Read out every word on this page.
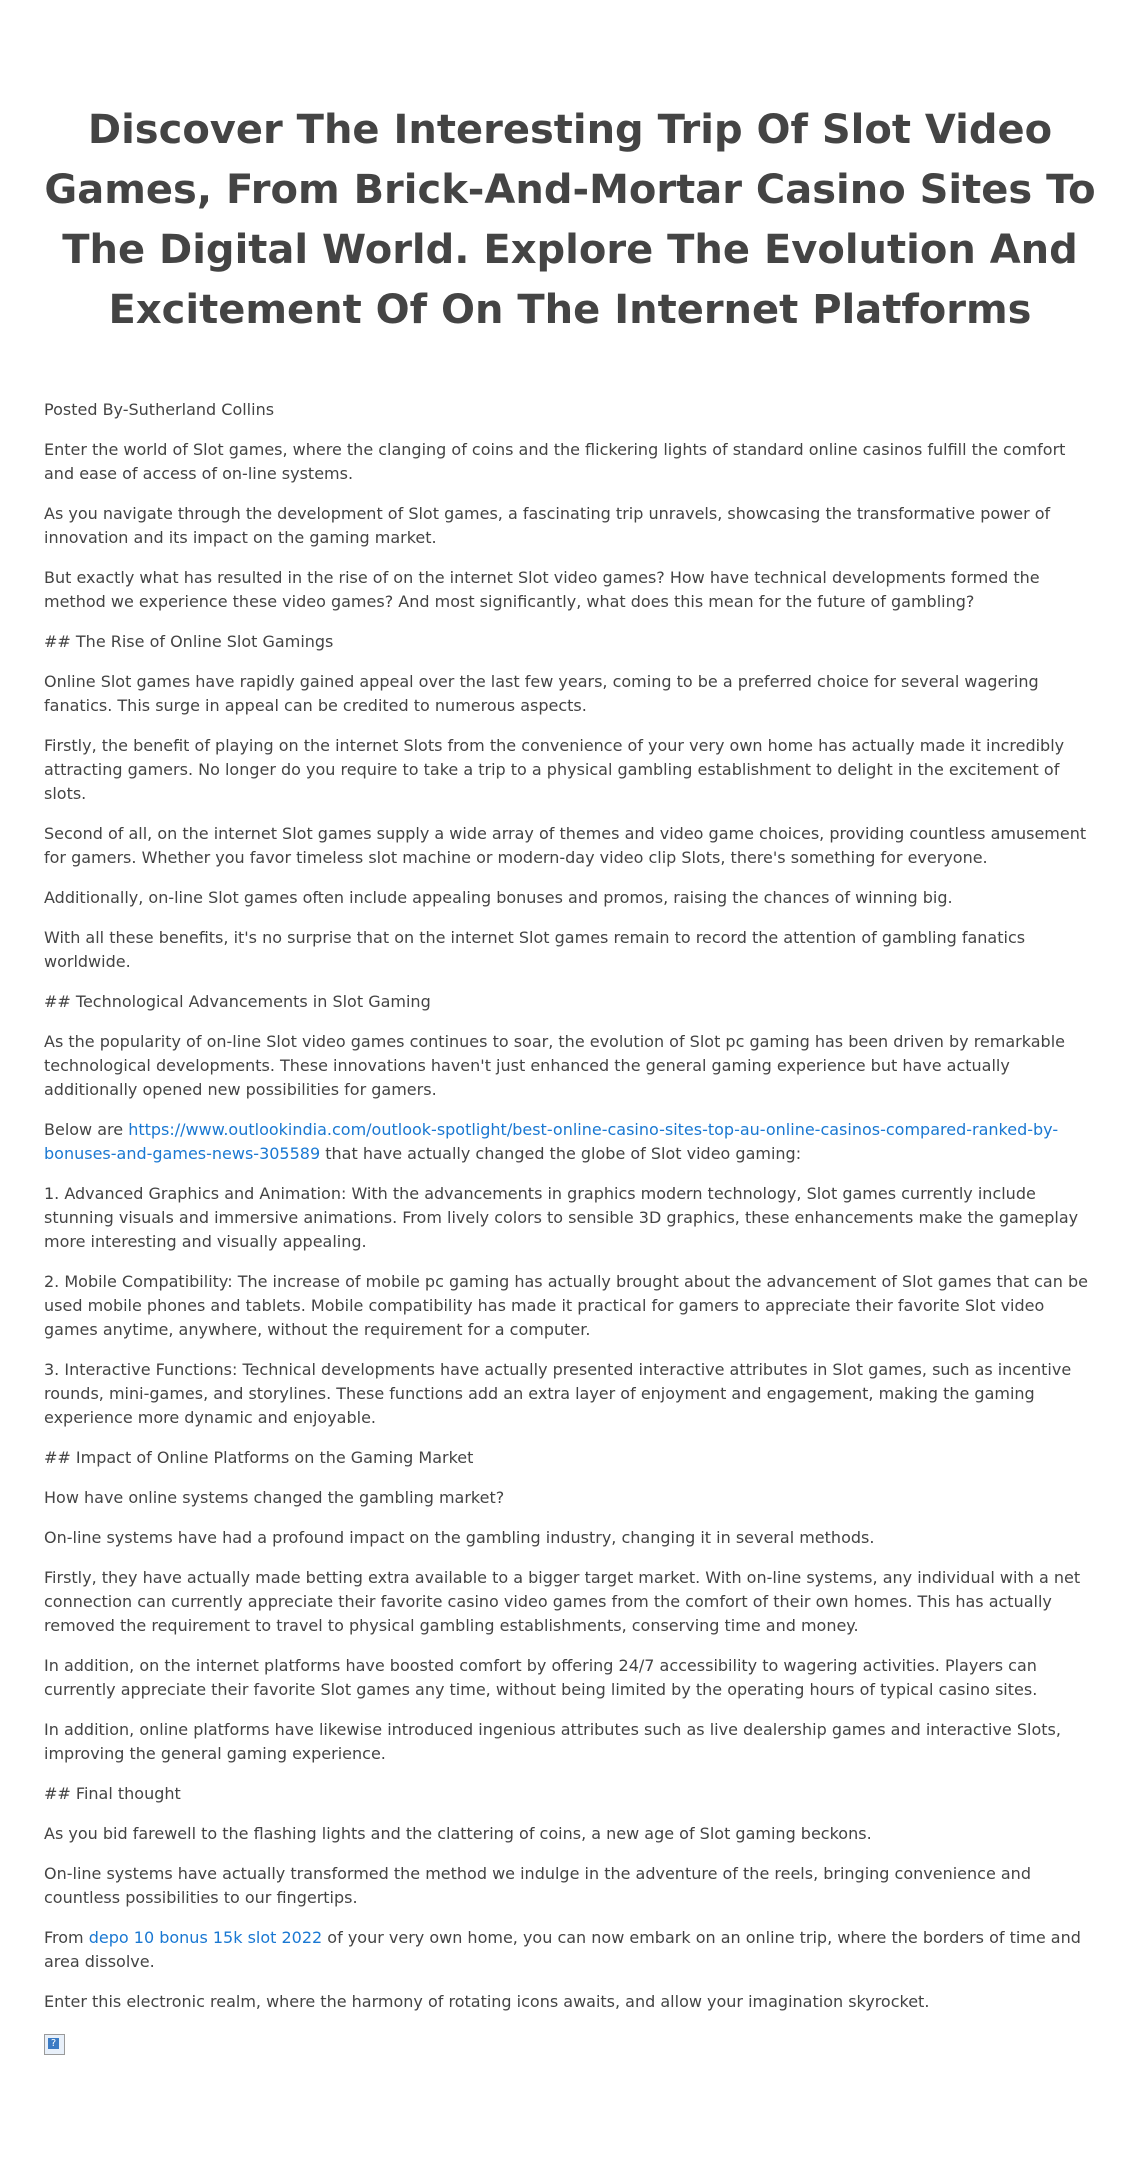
Discover The Interesting Trip Of Slot Video Games, From Brick-And-Mortar Casino Sites To The Digital World. Explore The Evolution And Excitement Of On The Internet Platforms

Posted By-Sutherland Collins

Enter the world of Slot games, where the clanging of coins and the flickering lights of standard online casinos fulfill the comfort and ease of access of on-line systems.

As you navigate through the development of Slot games, a fascinating trip unravels, showcasing the transformative power of innovation and its impact on the gaming market.

But exactly what has resulted in the rise of on the internet Slot video games? How have technical developments formed the method we experience these video games? And most significantly, what does this mean for the future of gambling?

## The Rise of Online Slot Gamings

Online Slot games have rapidly gained appeal over the last few years, coming to be a preferred choice for several wagering fanatics. This surge in appeal can be credited to numerous aspects.

Firstly, the benefit of playing on the internet Slots from the convenience of your very own home has actually made it incredibly attracting gamers. No longer do you require to take a trip to a physical gambling establishment to delight in the excitement of slots.

Second of all, on the internet Slot games supply a wide array of themes and video game choices, providing countless amusement for gamers. Whether you favor timeless slot machine or modern-day video clip Slots, there's something for everyone.

Additionally, on-line Slot games often include appealing bonuses and promos, raising the chances of winning big.

With all these benefits, it's no surprise that on the internet Slot games remain to record the attention of gambling fanatics worldwide.

## Technological Advancements in Slot Gaming

As the popularity of on-line Slot video games continues to soar, the evolution of Slot pc gaming has been driven by remarkable technological developments. These innovations haven't just enhanced the general gaming experience but have actually additionally opened new possibilities for gamers.

Below are https://www.outlookindia.com/outlook-spotlight/best-online-casino-sites-top-au-online-casinos-compared-ranked-by-bonuses-and-games-news-305589 that have actually changed the globe of Slot video gaming:

1. Advanced Graphics and Animation: With the advancements in graphics modern technology, Slot games currently include stunning visuals and immersive animations. From lively colors to sensible 3D graphics, these enhancements make the gameplay more interesting and visually appealing.

2. Mobile Compatibility: The increase of mobile pc gaming has actually brought about the advancement of Slot games that can be used mobile phones and tablets. Mobile compatibility has made it practical for gamers to appreciate their favorite Slot video games anytime, anywhere, without the requirement for a computer.

3. Interactive Functions: Technical developments have actually presented interactive attributes in Slot games, such as incentive rounds, mini-games, and storylines. These functions add an extra layer of enjoyment and engagement, making the gaming experience more dynamic and enjoyable.

## Impact of Online Platforms on the Gaming Market

How have online systems changed the gambling market?

On-line systems have had a profound impact on the gambling industry, changing it in several methods.

Firstly, they have actually made betting extra available to a bigger target market. With on-line systems, any individual with a net connection can currently appreciate their favorite casino video games from the comfort of their own homes. This has actually removed the requirement to travel to physical gambling establishments, conserving time and money.

In addition, on the internet platforms have boosted comfort by offering 24/7 accessibility to wagering activities. Players can currently appreciate their favorite Slot games any time, without being limited by the operating hours of typical casino sites.

In addition, online platforms have likewise introduced ingenious attributes such as live dealership games and interactive Slots, improving the general gaming experience.

## Final thought

As you bid farewell to the flashing lights and the clattering of coins, a new age of Slot gaming beckons.

On-line systems have actually transformed the method we indulge in the adventure of the reels, bringing convenience and countless possibilities to our fingertips.

From depo 10 bonus 15k slot 2022 of your very own home, you can now embark on an online trip, where the borders of time and area dissolve.

Enter this electronic realm, where the harmony of rotating icons awaits, and allow your imagination skyrocket.

?
